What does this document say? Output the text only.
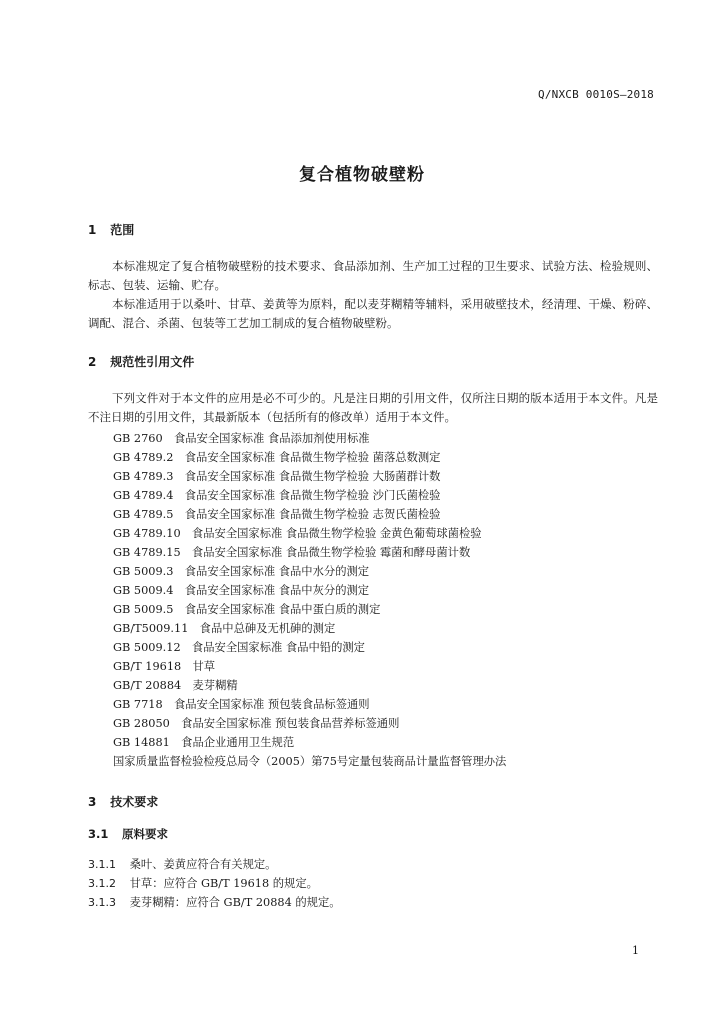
Q/NXCB 0010S—2018
复合植物破壁粉
1 范围
本标准规定了复合植物破壁粉的技术要求、食品添加剂、生产加工过程的卫生要求、试验方法、检验规则、标志、包装、运输、贮存。
本标准适用于以桑叶、甘草、姜黄等为原料，配以麦芽糊精等辅料，采用破壁技术，经清理、干燥、粉碎、调配、混合、杀菌、包装等工艺加工制成的复合植物破壁粉。
2 规范性引用文件
下列文件对于本文件的应用是必不可少的。凡是注日期的引用文件，仅所注日期的版本适用于本文件。凡是不注日期的引用文件，其最新版本（包括所有的修改单）适用于本文件。
GB 2760　食品安全国家标准 食品添加剂使用标准
GB 4789.2　食品安全国家标准 食品微生物学检验 菌落总数测定
GB 4789.3　食品安全国家标准 食品微生物学检验 大肠菌群计数
GB 4789.4　食品安全国家标准 食品微生物学检验 沙门氏菌检验
GB 4789.5　食品安全国家标准 食品微生物学检验 志贺氏菌检验
GB 4789.10　食品安全国家标准 食品微生物学检验 金黄色葡萄球菌检验
GB 4789.15　食品安全国家标准 食品微生物学检验 霉菌和酵母菌计数
GB 5009.3　食品安全国家标准 食品中水分的测定
GB 5009.4　食品安全国家标准 食品中灰分的测定
GB 5009.5　食品安全国家标准 食品中蛋白质的测定
GB/T5009.11　食品中总砷及无机砷的测定
GB 5009.12　食品安全国家标准 食品中铅的测定
GB/T 19618　甘草
GB/T 20884　麦芽糊精
GB 7718　食品安全国家标准 预包装食品标签通则
GB 28050　食品安全国家标准 预包装食品营养标签通则
GB 14881　食品企业通用卫生规范
国家质量监督检验检疫总局令（2005）第75号定量包装商品计量监督管理办法
3 技术要求
3.1 原料要求
3.1.1 桑叶、姜黄应符合有关规定。
3.1.2 甘草：应符合 GB/T 19618 的规定。
3.1.3 麦芽糊精：应符合 GB/T 20884 的规定。
1
